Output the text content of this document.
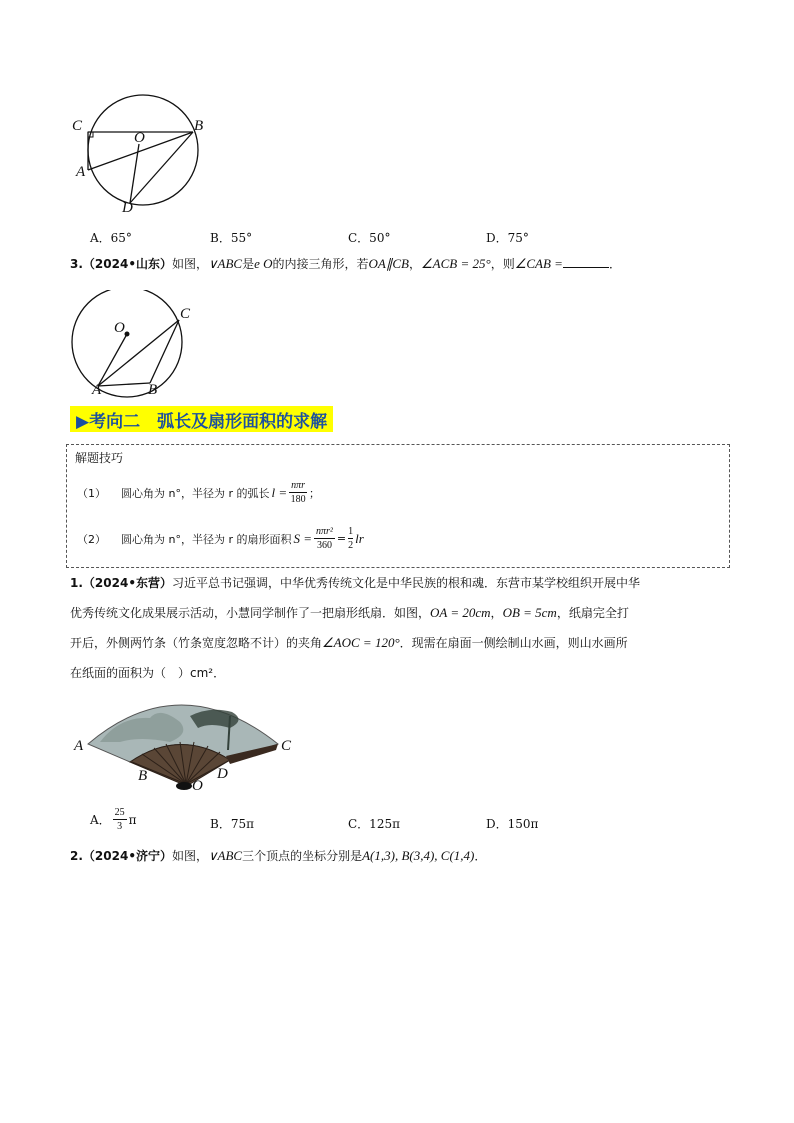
C	B
O
A
D
A．65°	B．55°	C．50°	D．75°
3.（2024•山东）如图，∨ABC是e O的内接三角形，若OA∥CB，∠ACB = 25°，则∠CAB =	．
O
C
A	B
▶考向二　弧长及扇形面积的求解
解题技巧
（1）	圆心角为 n°，半径为 r 的弧长 $l = \frac{\text{nπr}}{180}$ ；
（2）	圆心角为 n°，半径为 r 的扇形面积 $S = \frac{\text{nπr²}}{360} = \frac{1}{2}$ lr
1.（2024•东营）习近平总书记强调，中华优秀传统文化是中华民族的根和魂．东营市某学校组织开展中华
优秀传统文化成果展示活动，小慧同学制作了一把扇形纸扇．如图，OA = 20cm，OB = 5cm，纸扇完全打
开后，外侧两竹条（竹条宽度忽略不计）的夹角∠AOC = 120°．现需在扇面一侧绘制山水画，则山水画所
在纸面的面积为（　）cm²．
A
B
C
D
O
A． $\frac{25}{3}$ π	B．75π	C．125π	D．150π
2.（2024•济宁）如图，∨ABC三个顶点的坐标分别是A(1,3), B(3,4), C(1,4)．
